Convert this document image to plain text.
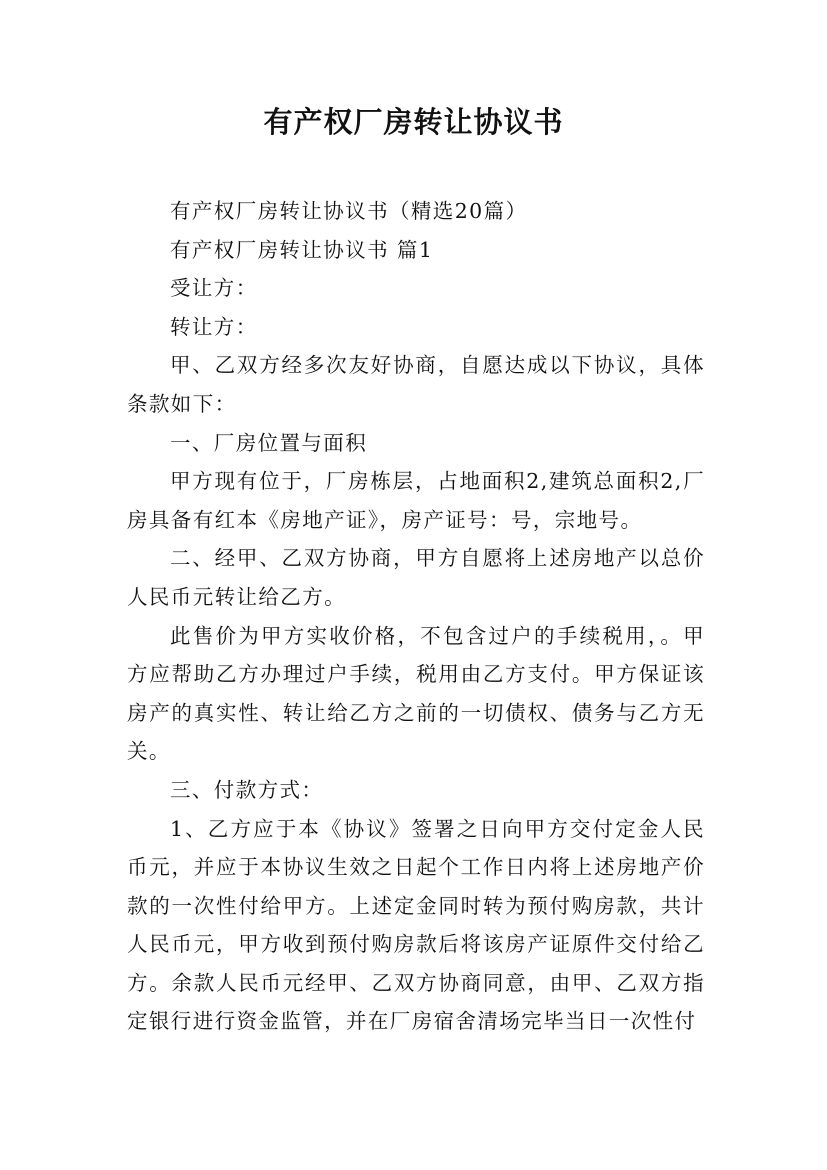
有产权厂房转让协议书

有产权厂房转让协议书（精选20篇）

有产权厂房转让协议书 篇1

受让方：

转让方：

甲、乙双方经多次友好协商，自愿达成以下协议，具体条款如下：

一、厂房位置与面积

甲方现有位于，厂房栋层，占地面积2,建筑总面积2,厂房具备有红本《房地产证》，房产证号：号，宗地号。

二、经甲、乙双方协商，甲方自愿将上述房地产以总价人民币元转让给乙方。

此售价为甲方实收价格，不包含过户的手续税用，。甲方应帮助乙方办理过户手续，税用由乙方支付。甲方保证该房产的真实性、转让给乙方之前的一切债权、债务与乙方无关。

三、付款方式：

1、乙方应于本《协议》签署之日向甲方交付定金人民币元，并应于本协议生效之日起个工作日内将上述房地产价款的一次性付给甲方。上述定金同时转为预付购房款，共计人民币元，甲方收到预付购房款后将该房产证原件交付给乙方。余款人民币元经甲、乙双方协商同意，由甲、乙双方指定银行进行资金监管，并在厂房宿舍清场完毕当日一次性付
